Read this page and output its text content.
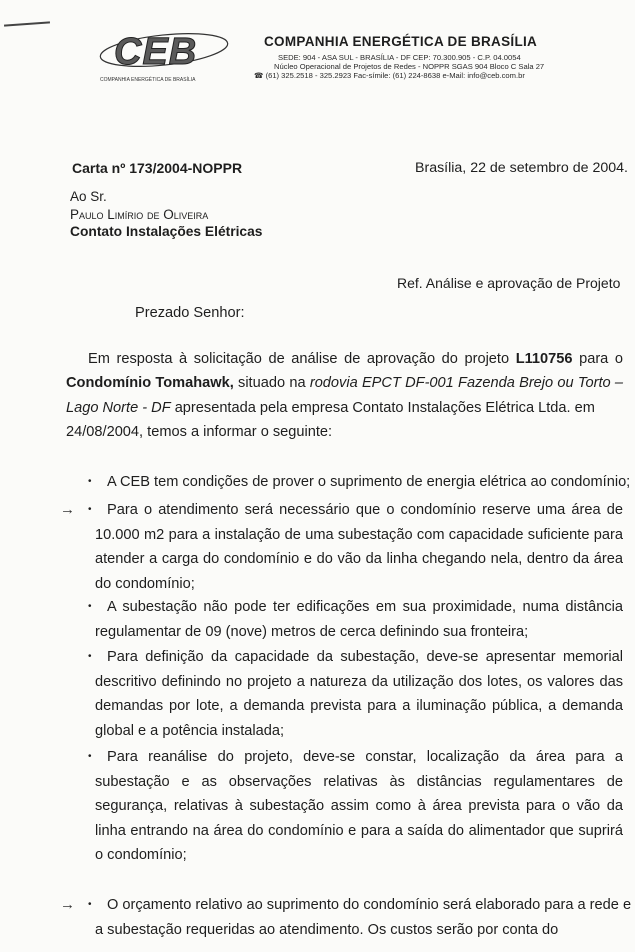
CEB
COMPANHIA ENERGÉTICA DE BRASÍLIA
COMPANHIA ENERGÉTICA DE BRASÍLIA
SEDE: 904 - ASA SUL - BRASÍLIA - DF CEP: 70.300.905 - C.P. 04.0054
Núcleo Operacional de Projetos de Redes - NOPPR SGAS 904 Bloco C Sala 27
☎ (61) 325.2518 - 325.2923 Fac-símile: (61) 224-8638 e-Mail: info@ceb.com.br
Carta nº 173/2004-NOPPR	Brasília, 22 de setembro de 2004.
Ao Sr.
Paulo Limírio de Oliveira
Contato Instalações Elétricas
Ref. Análise e aprovação de Projeto
Prezado Senhor:
Em resposta à solicitação de análise de aprovação do projeto L110756 para o
Condomínio Tomahawk, situado na rodovia EPCT DF-001 Fazenda Brejo ou Torto –
Lago Norte - DF apresentada pela empresa Contato Instalações Elétrica Ltda. em
24/08/2004, temos a informar o seguinte:
• A CEB tem condições de prover o suprimento de energia elétrica ao condomínio;
•
→ Para o atendimento será necessário que o condomínio reserve uma área de
10.000 m2 para a instalação de uma subestação com capacidade suficiente para
atender a carga do condomínio e do vão da linha chegando nela, dentro da área
do condomínio;
• A subestação não pode ter edificações em sua proximidade, numa distância
regulamentar de 09 (nove) metros de cerca definindo sua fronteira;
• Para definição da capacidade da subestação, deve-se apresentar memorial
descritivo definindo no projeto a natureza da utilização dos lotes, os valores das
demandas por lote, a demanda prevista para a iluminação pública, a demanda
global e a potência instalada;
• Para reanálise do projeto, deve-se constar, localização da área para a
subestação e as observações relativas às distâncias regulamentares de
segurança, relativas à subestação assim como à área prevista para o vão da
linha entrando na área do condomínio e para a saída do alimentador que suprirá
o condomínio;
•
→ O orçamento relativo ao suprimento do condomínio será elaborado para a rede e
a subestação requeridas ao atendimento. Os custos serão por conta do
